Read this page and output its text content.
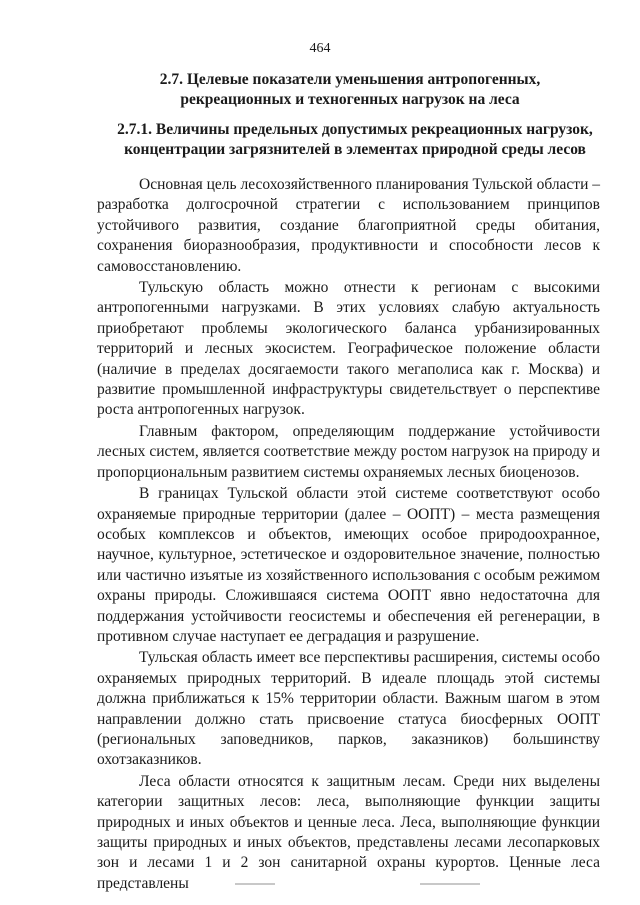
464
2.7. Целевые показатели уменьшения антропогенных,
рекреационных и техногенных нагрузок на леса
2.7.1. Величины предельных допустимых рекреационных нагрузок,
концентрации загрязнителей в элементах природной среды лесов

Основная цель лесохозяйственного планирования Тульской области – разработка долгосрочной стратегии с использованием принципов устойчивого развития, создание благоприятной среды обитания, сохранения биоразнообразия, продуктивности и способности лесов к самовосстановлению.

Тульскую область можно отнести к регионам с высокими антропогенными нагрузками. В этих условиях слабую актуальность приобретают проблемы экологического баланса урбанизированных территорий и лесных экосистем. Географическое положение области (наличие в пределах досягаемости такого мегаполиса как г. Москва) и развитие промышленной инфраструктуры свидетельствует о перспективе роста антропогенных нагрузок.

Главным фактором, определяющим поддержание устойчивости лесных систем, является соответствие между ростом нагрузок на природу и пропорциональным развитием системы охраняемых лесных биоценозов.

В границах Тульской области этой системе соответствуют особо охраняемые природные территории (далее – ООПТ) – места размещения особых комплексов и объектов, имеющих особое природоохранное, научное, культурное, эстетическое и оздоровительное значение, полностью или частично изъятые из хозяйственного использования с особым режимом охраны природы. Сложившаяся система ООПТ явно недостаточна для поддержания устойчивости геосистемы и обеспечения ей регенерации, в противном случае наступает ее деградация и разрушение.

Тульская область имеет все перспективы расширения, системы особо охраняемых природных территорий. В идеале площадь этой системы должна приближаться к 15% территории области. Важным шагом в этом направлении должно стать присвоение статуса биосферных ООПТ (региональных заповедников, парков, заказников) большинству охотзаказников.

Леса области относятся к защитным лесам. Среди них выделены категории защитных лесов: леса, выполняющие функции защиты природных и иных объектов и ценные леса. Леса, выполняющие функции защиты природных и иных объектов, представлены лесами лесопарковых зон и лесами 1 и 2 зон санитарной охраны курортов. Ценные леса представлены
